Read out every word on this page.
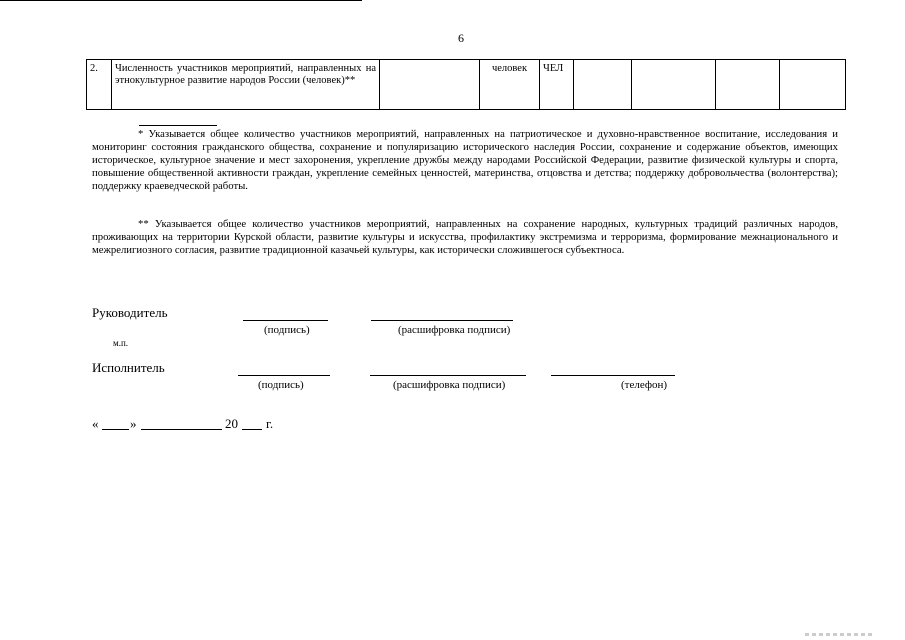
6
2.	Численность участников мероприятий, направленных на этнокультурное развитие народов России (человек)**		человек	ЧЕЛ				

* Указывается общее количество участников мероприятий, направленных на патриотическое и духовно-нравственное воспитание, исследования и мониторинг состояния гражданского общества, сохранение и популяризацию исторического наследия России, сохранение и содержание объектов, имеющих историческое, культурное значение и мест захоронения, укрепление дружбы между народами Российской Федерации, развитие физической культуры и спорта, повышение общественной активности граждан, укрепление семейных ценностей, материнства, отцовства и детства; поддержку добровольчества (волонтерства); поддержку краеведческой работы.

** Указывается общее количество участников мероприятий, направленных на сохранение народных, культурных традиций различных народов, проживающих на территории Курской области, развитие культуры и искусства, профилактику экстремизма и терроризма, формирование межнационального и межрелигиозного согласия, развитие традиционной казачьей культуры, как исторически сложившегося субъектноса.

Руководитель
(подпись)	(расшифровка подписи)
м.п.
Исполнитель
(подпись)	(расшифровка подписи)	(телефон)
« »	20 г.
